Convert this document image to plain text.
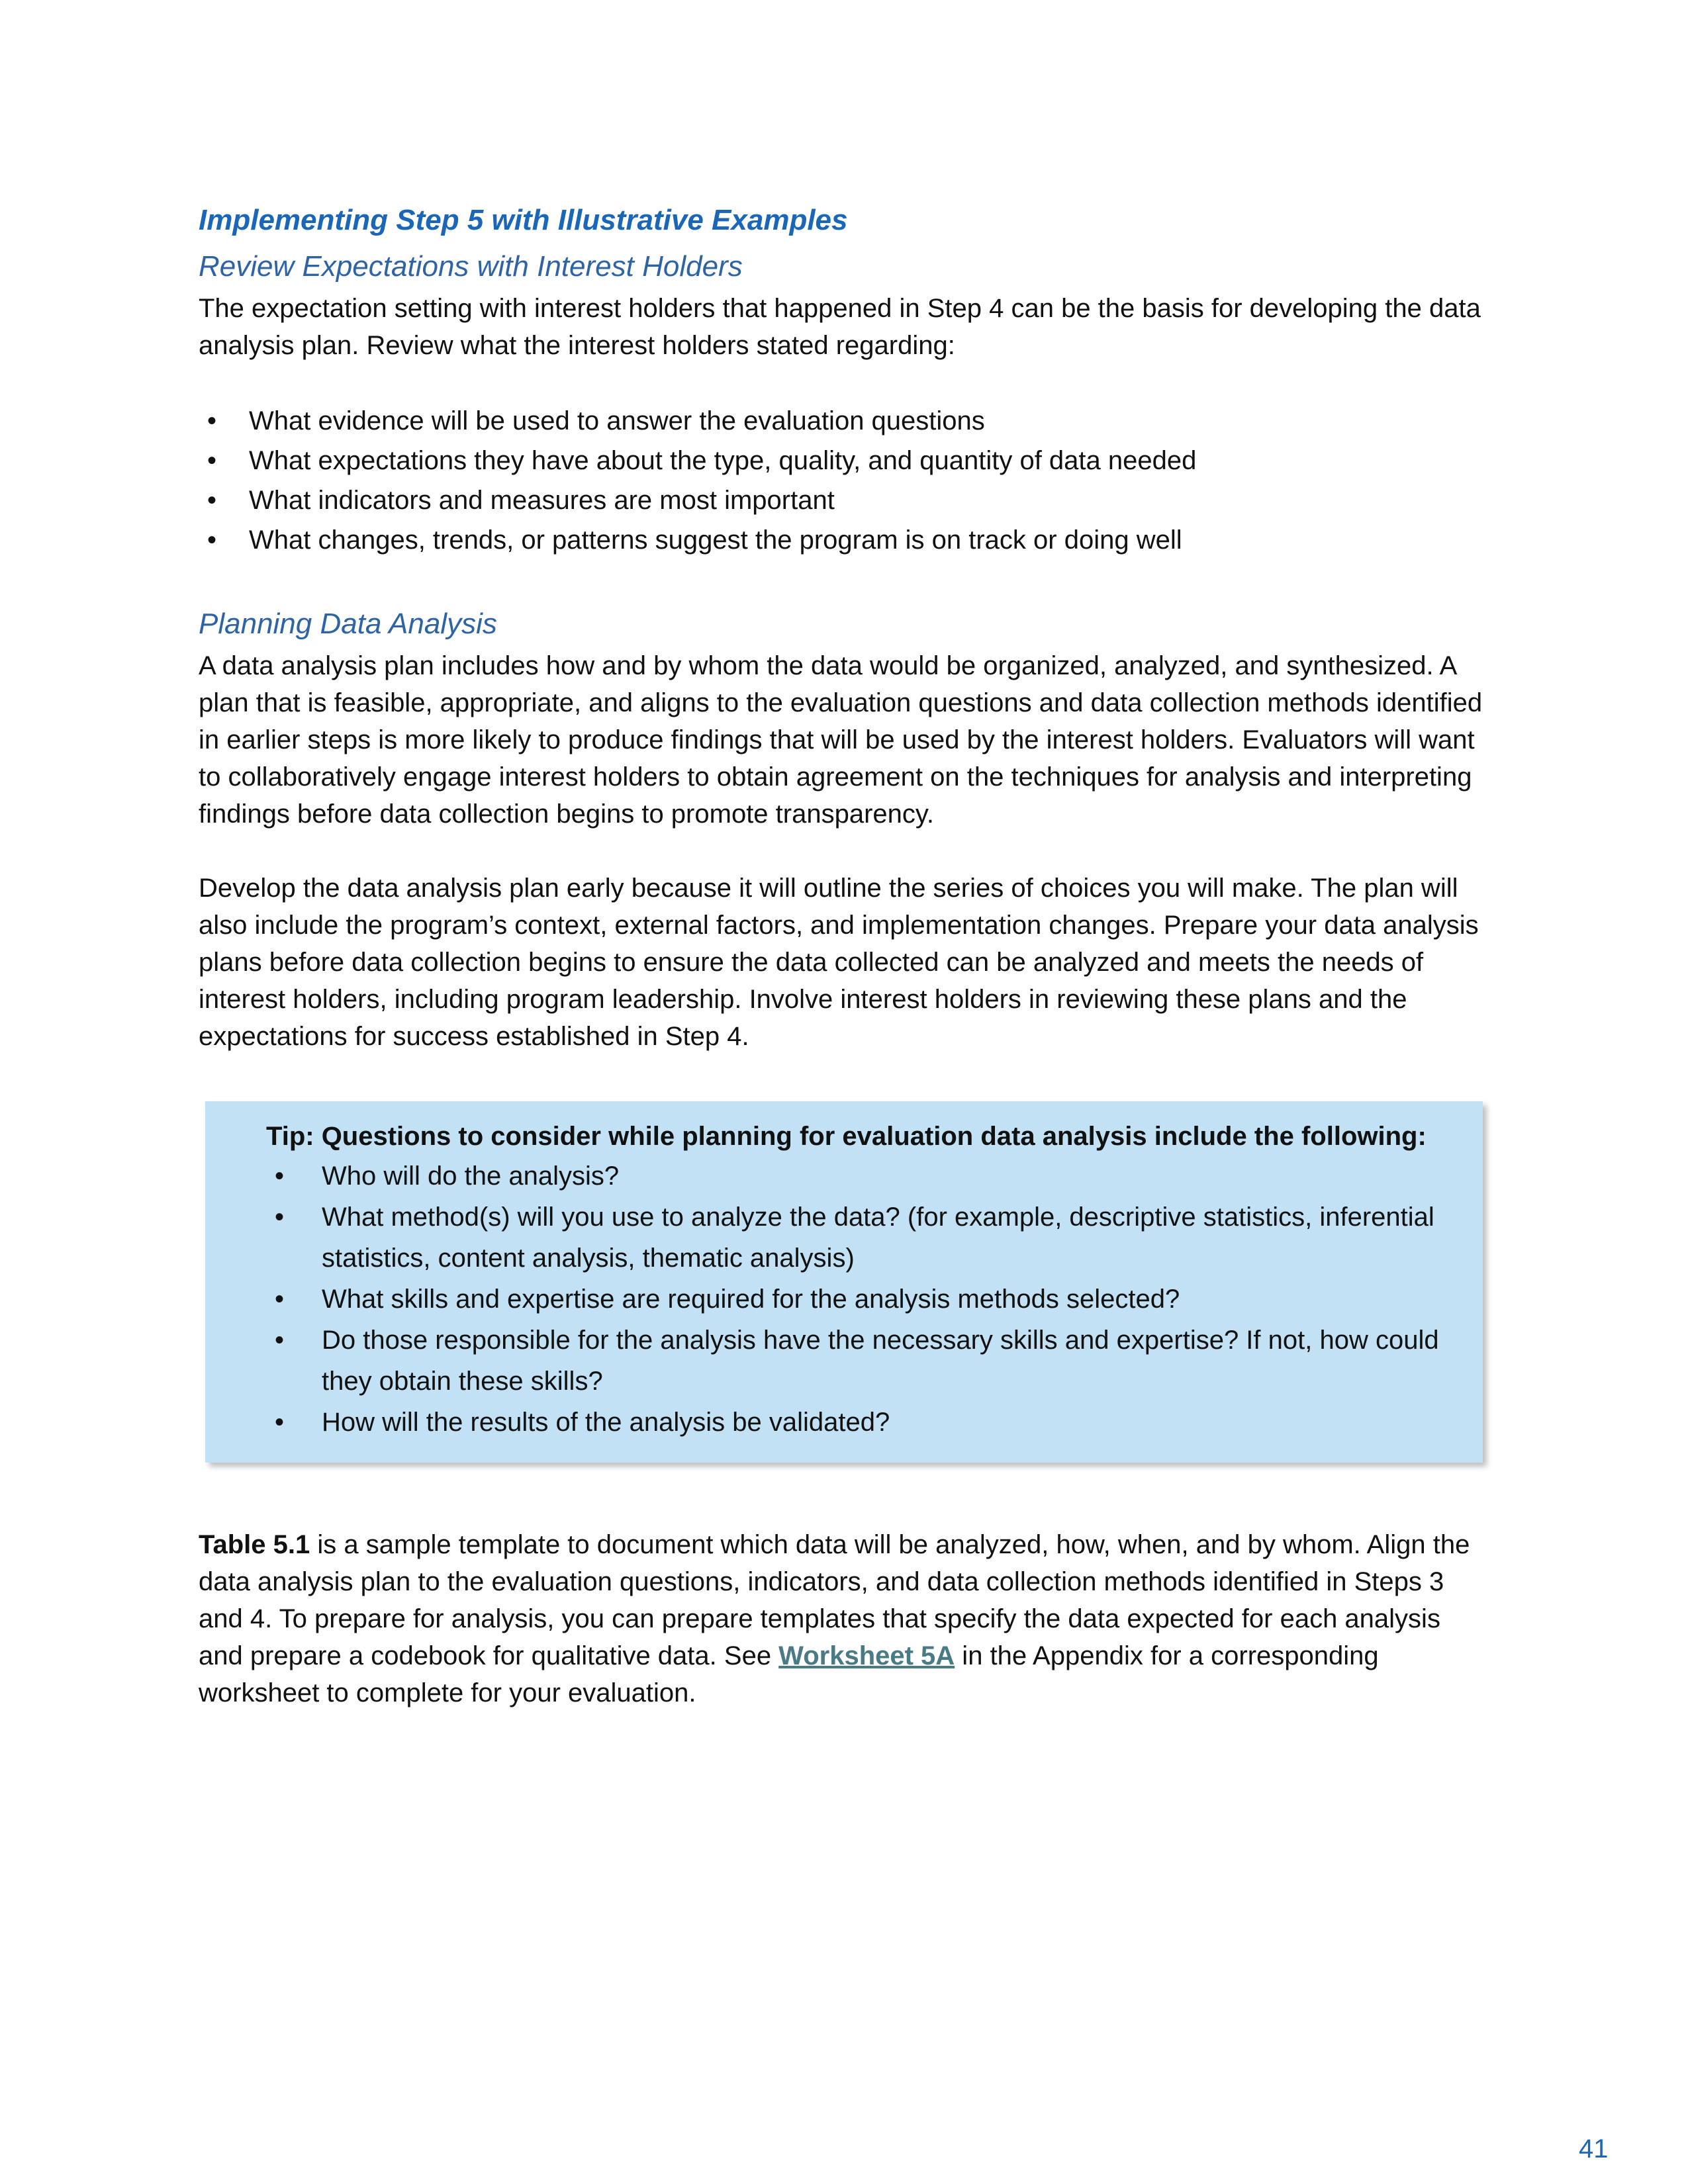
Implementing Step 5 with Illustrative Examples
Review Expectations with Interest Holders

The expectation setting with interest holders that happened in Step 4 can be the basis for developing the data analysis plan. Review what the interest holders stated regarding:

•	What evidence will be used to answer the evaluation questions
•	What expectations they have about the type, quality, and quantity of data needed
•	What indicators and measures are most important
•	What changes, trends, or patterns suggest the program is on track or doing well
Planning Data Analysis

A data analysis plan includes how and by whom the data would be organized, analyzed, and synthesized. A plan that is feasible, appropriate, and aligns to the evaluation questions and data collection methods identified in earlier steps is more likely to produce findings that will be used by the interest holders. Evaluators will want to collaboratively engage interest holders to obtain agreement on the techniques for analysis and interpreting findings before data collection begins to promote transparency.

Develop the data analysis plan early because it will outline the series of choices you will make. The plan will also include the program’s context, external factors, and implementation changes. Prepare your data analysis plans before data collection begins to ensure the data collected can be analyzed and meets the needs of interest holders, including program leadership. Involve interest holders in reviewing these plans and the expectations for success established in Step 4.

Tip: Questions to consider while planning for evaluation data analysis include the following:

•	Who will do the analysis?
•	What method(s) will you use to analyze the data? (for example, descriptive statistics, inferential statistics, content analysis, thematic analysis)
•	What skills and expertise are required for the analysis methods selected?
•	Do those responsible for the analysis have the necessary skills and expertise? If not, how could they obtain these skills?
•	How will the results of the analysis be validated?

Table 5.1 is a sample template to document which data will be analyzed, how, when, and by whom. Align the data analysis plan to the evaluation questions, indicators, and data collection methods identified in Steps 3 and 4. To prepare for analysis, you can prepare templates that specify the data expected for each analysis and prepare a codebook for qualitative data. See Worksheet 5A in the Appendix for a corresponding worksheet to complete for your evaluation.

41
